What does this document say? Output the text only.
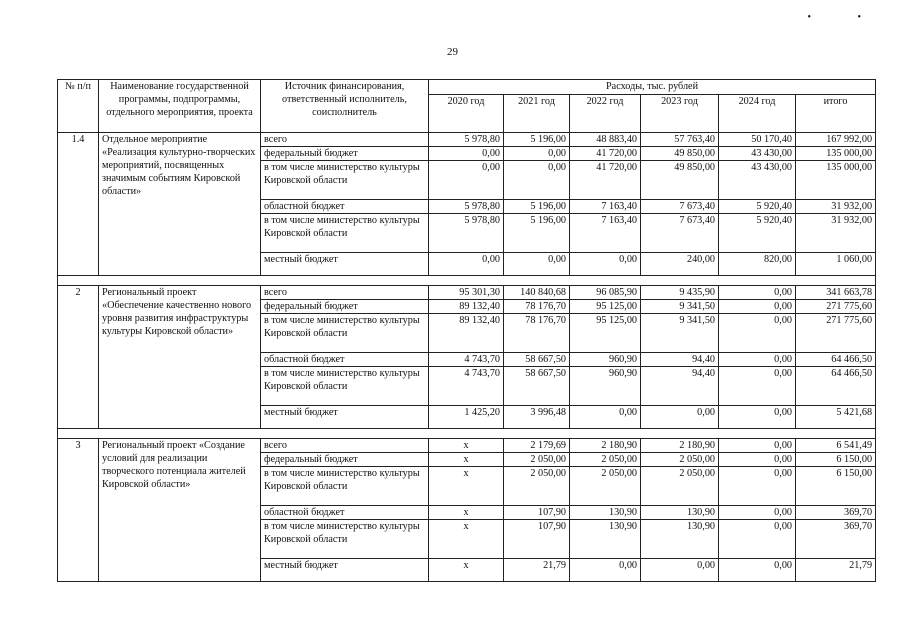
29
• •
№ п/п	Наименование государственной программы, подпрограммы, отдельного мероприятия, проекта	Источник финансирования, ответственный исполнитель, соисполнитель	Расходы, тыс. рублей					
			2020 год	2021 год	2022 год	2023 год	2024 год	итого
1.4	Отдельное мероприятие «Реализация культурно-творческих мероприятий, посвященных значимым событиям Кировской области»	всего	5 978,80	5 196,00	48 883,40	57 763,40	50 170,40	167 992,00
		федеральный бюджет	0,00	0,00	41 720,00	49 850,00	43 430,00	135 000,00
		в том числе министерство культуры Кировской области	0,00	0,00	41 720,00	49 850,00	43 430,00	135 000,00
		областной бюджет	5 978,80	5 196,00	7 163,40	7 673,40	5 920,40	31 932,00
		в том числе министерство культуры Кировской области	5 978,80	5 196,00	7 163,40	7 673,40	5 920,40	31 932,00
		местный бюджет	0,00	0,00	0,00	240,00	820,00	1 060,00

2	Региональный проект «Обеспечение качественно нового уровня развития инфраструктуры культуры Кировской области»	всего	95 301,30	140 840,68	96 085,90	9 435,90	0,00	341 663,78
		федеральный бюджет	89 132,40	78 176,70	95 125,00	9 341,50	0,00	271 775,60
		в том числе министерство культуры Кировской области	89 132,40	78 176,70	95 125,00	9 341,50	0,00	271 775,60
		областной бюджет	4 743,70	58 667,50	960,90	94,40	0,00	64 466,50
		в том числе министерство культуры Кировской области	4 743,70	58 667,50	960,90	94,40	0,00	64 466,50
		местный бюджет	1 425,20	3 996,48	0,00	0,00	0,00	5 421,68

3	Региональный проект «Создание условий для реализации творческого потенциала жителей Кировской области»	всего	x	2 179,69	2 180,90	2 180,90	0,00	6 541,49
		федеральный бюджет	x	2 050,00	2 050,00	2 050,00	0,00	6 150,00
		в том числе министерство культуры Кировской области	x	2 050,00	2 050,00	2 050,00	0,00	6 150,00
		областной бюджет	x	107,90	130,90	130,90	0,00	369,70
		в том числе министерство культуры Кировской области	x	107,90	130,90	130,90	0,00	369,70
		местный бюджет	x	21,79	0,00	0,00	0,00	21,79
